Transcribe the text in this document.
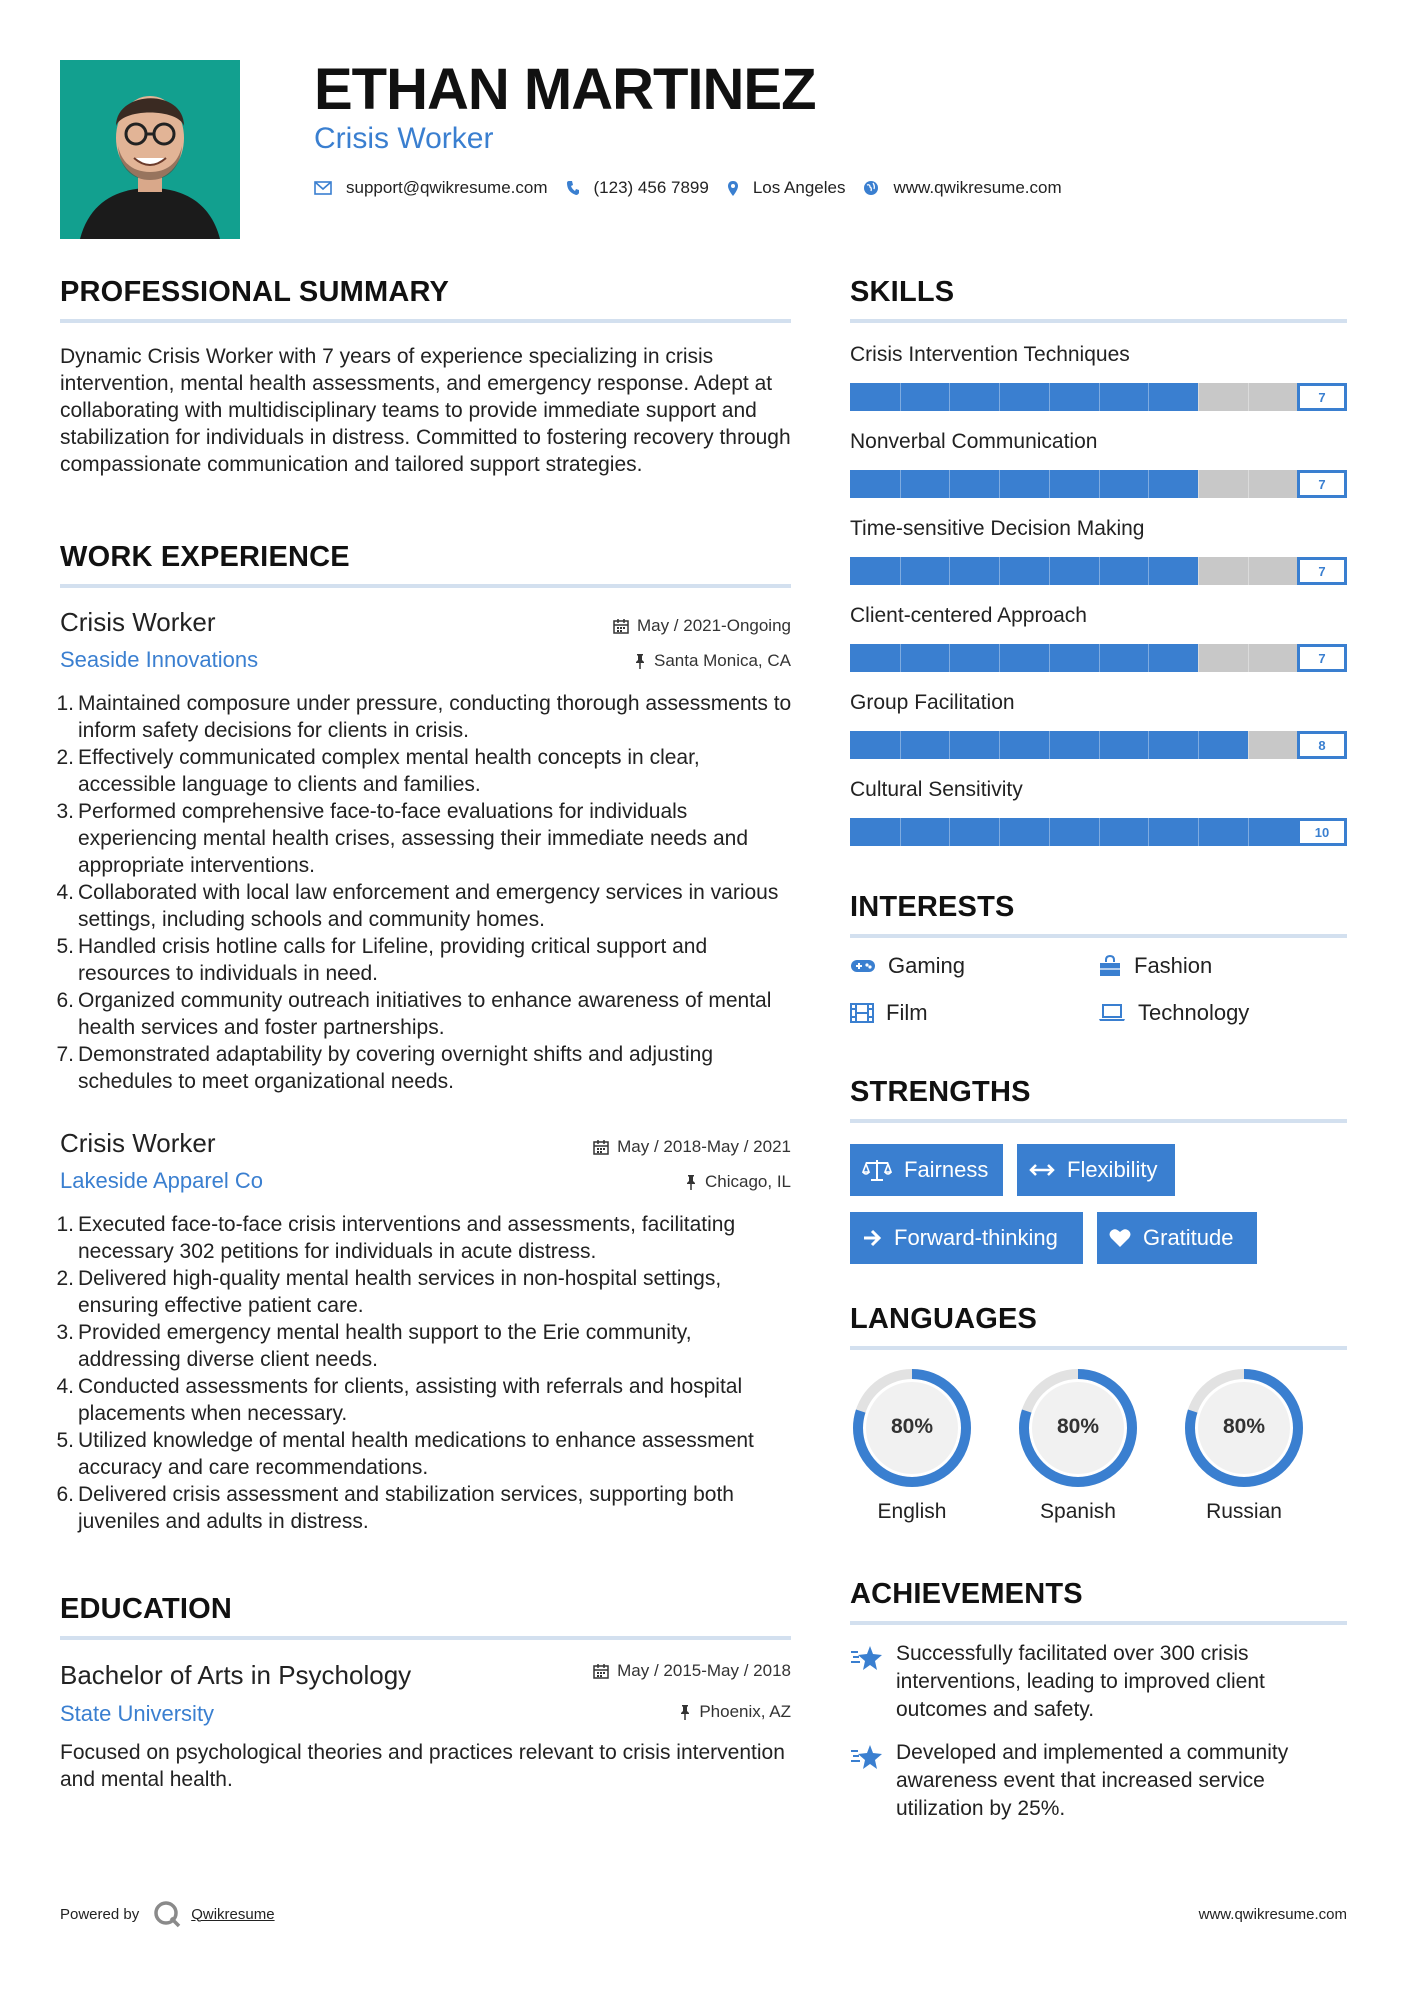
ETHAN MARTINEZ
Crisis Worker
support@qwikresume.com	(123) 456 7899	Los Angeles	www.qwikresume.com
PROFESSIONAL SUMMARY
Dynamic Crisis Worker with 7 years of experience specializing in crisis intervention, mental health assessments, and emergency response. Adept at collaborating with multidisciplinary teams to provide immediate support and stabilization for individuals in distress. Committed to fostering recovery through compassionate communication and tailored support strategies.
WORK EXPERIENCE
Crisis Worker	May / 2021-Ongoing
Seaside Innovations	Santa Monica, CA
1. Maintained composure under pressure, conducting thorough assessments to inform safety decisions for clients in crisis.
2. Effectively communicated complex mental health concepts in clear, accessible language to clients and families.
3. Performed comprehensive face-to-face evaluations for individuals experiencing mental health crises, assessing their immediate needs and appropriate interventions.
4. Collaborated with local law enforcement and emergency services in various settings, including schools and community homes.
5. Handled crisis hotline calls for Lifeline, providing critical support and resources to individuals in need.
6. Organized community outreach initiatives to enhance awareness of mental health services and foster partnerships.
7. Demonstrated adaptability by covering overnight shifts and adjusting schedules to meet organizational needs.
Crisis Worker	May / 2018-May / 2021
Lakeside Apparel Co	Chicago, IL
1. Executed face-to-face crisis interventions and assessments, facilitating necessary 302 petitions for individuals in acute distress.
2. Delivered high-quality mental health services in non-hospital settings, ensuring effective patient care.
3. Provided emergency mental health support to the Erie community, addressing diverse client needs.
4. Conducted assessments for clients, assisting with referrals and hospital placements when necessary.
5. Utilized knowledge of mental health medications to enhance assessment accuracy and care recommendations.
6. Delivered crisis assessment and stabilization services, supporting both juveniles and adults in distress.
EDUCATION
Bachelor of Arts in Psychology	May / 2015-May / 2018
State University	Phoenix, AZ
Focused on psychological theories and practices relevant to crisis intervention and mental health.
SKILLS
Crisis Intervention Techniques
7
Nonverbal Communication
7
Time-sensitive Decision Making
7
Client-centered Approach
7
Group Facilitation
8
Cultural Sensitivity
10
INTERESTS
Gaming	Fashion
Film	Technology
STRENGTHS
Fairness	Flexibility
Forward-thinking	Gratitude
LANGUAGES
80%
English
80%
Spanish
80%
Russian
ACHIEVEMENTS
Successfully facilitated over 300 crisis interventions, leading to improved client outcomes and safety.
Developed and implemented a community awareness event that increased service utilization by 25%.
Powered by	Qwikresume	www.qwikresume.com
